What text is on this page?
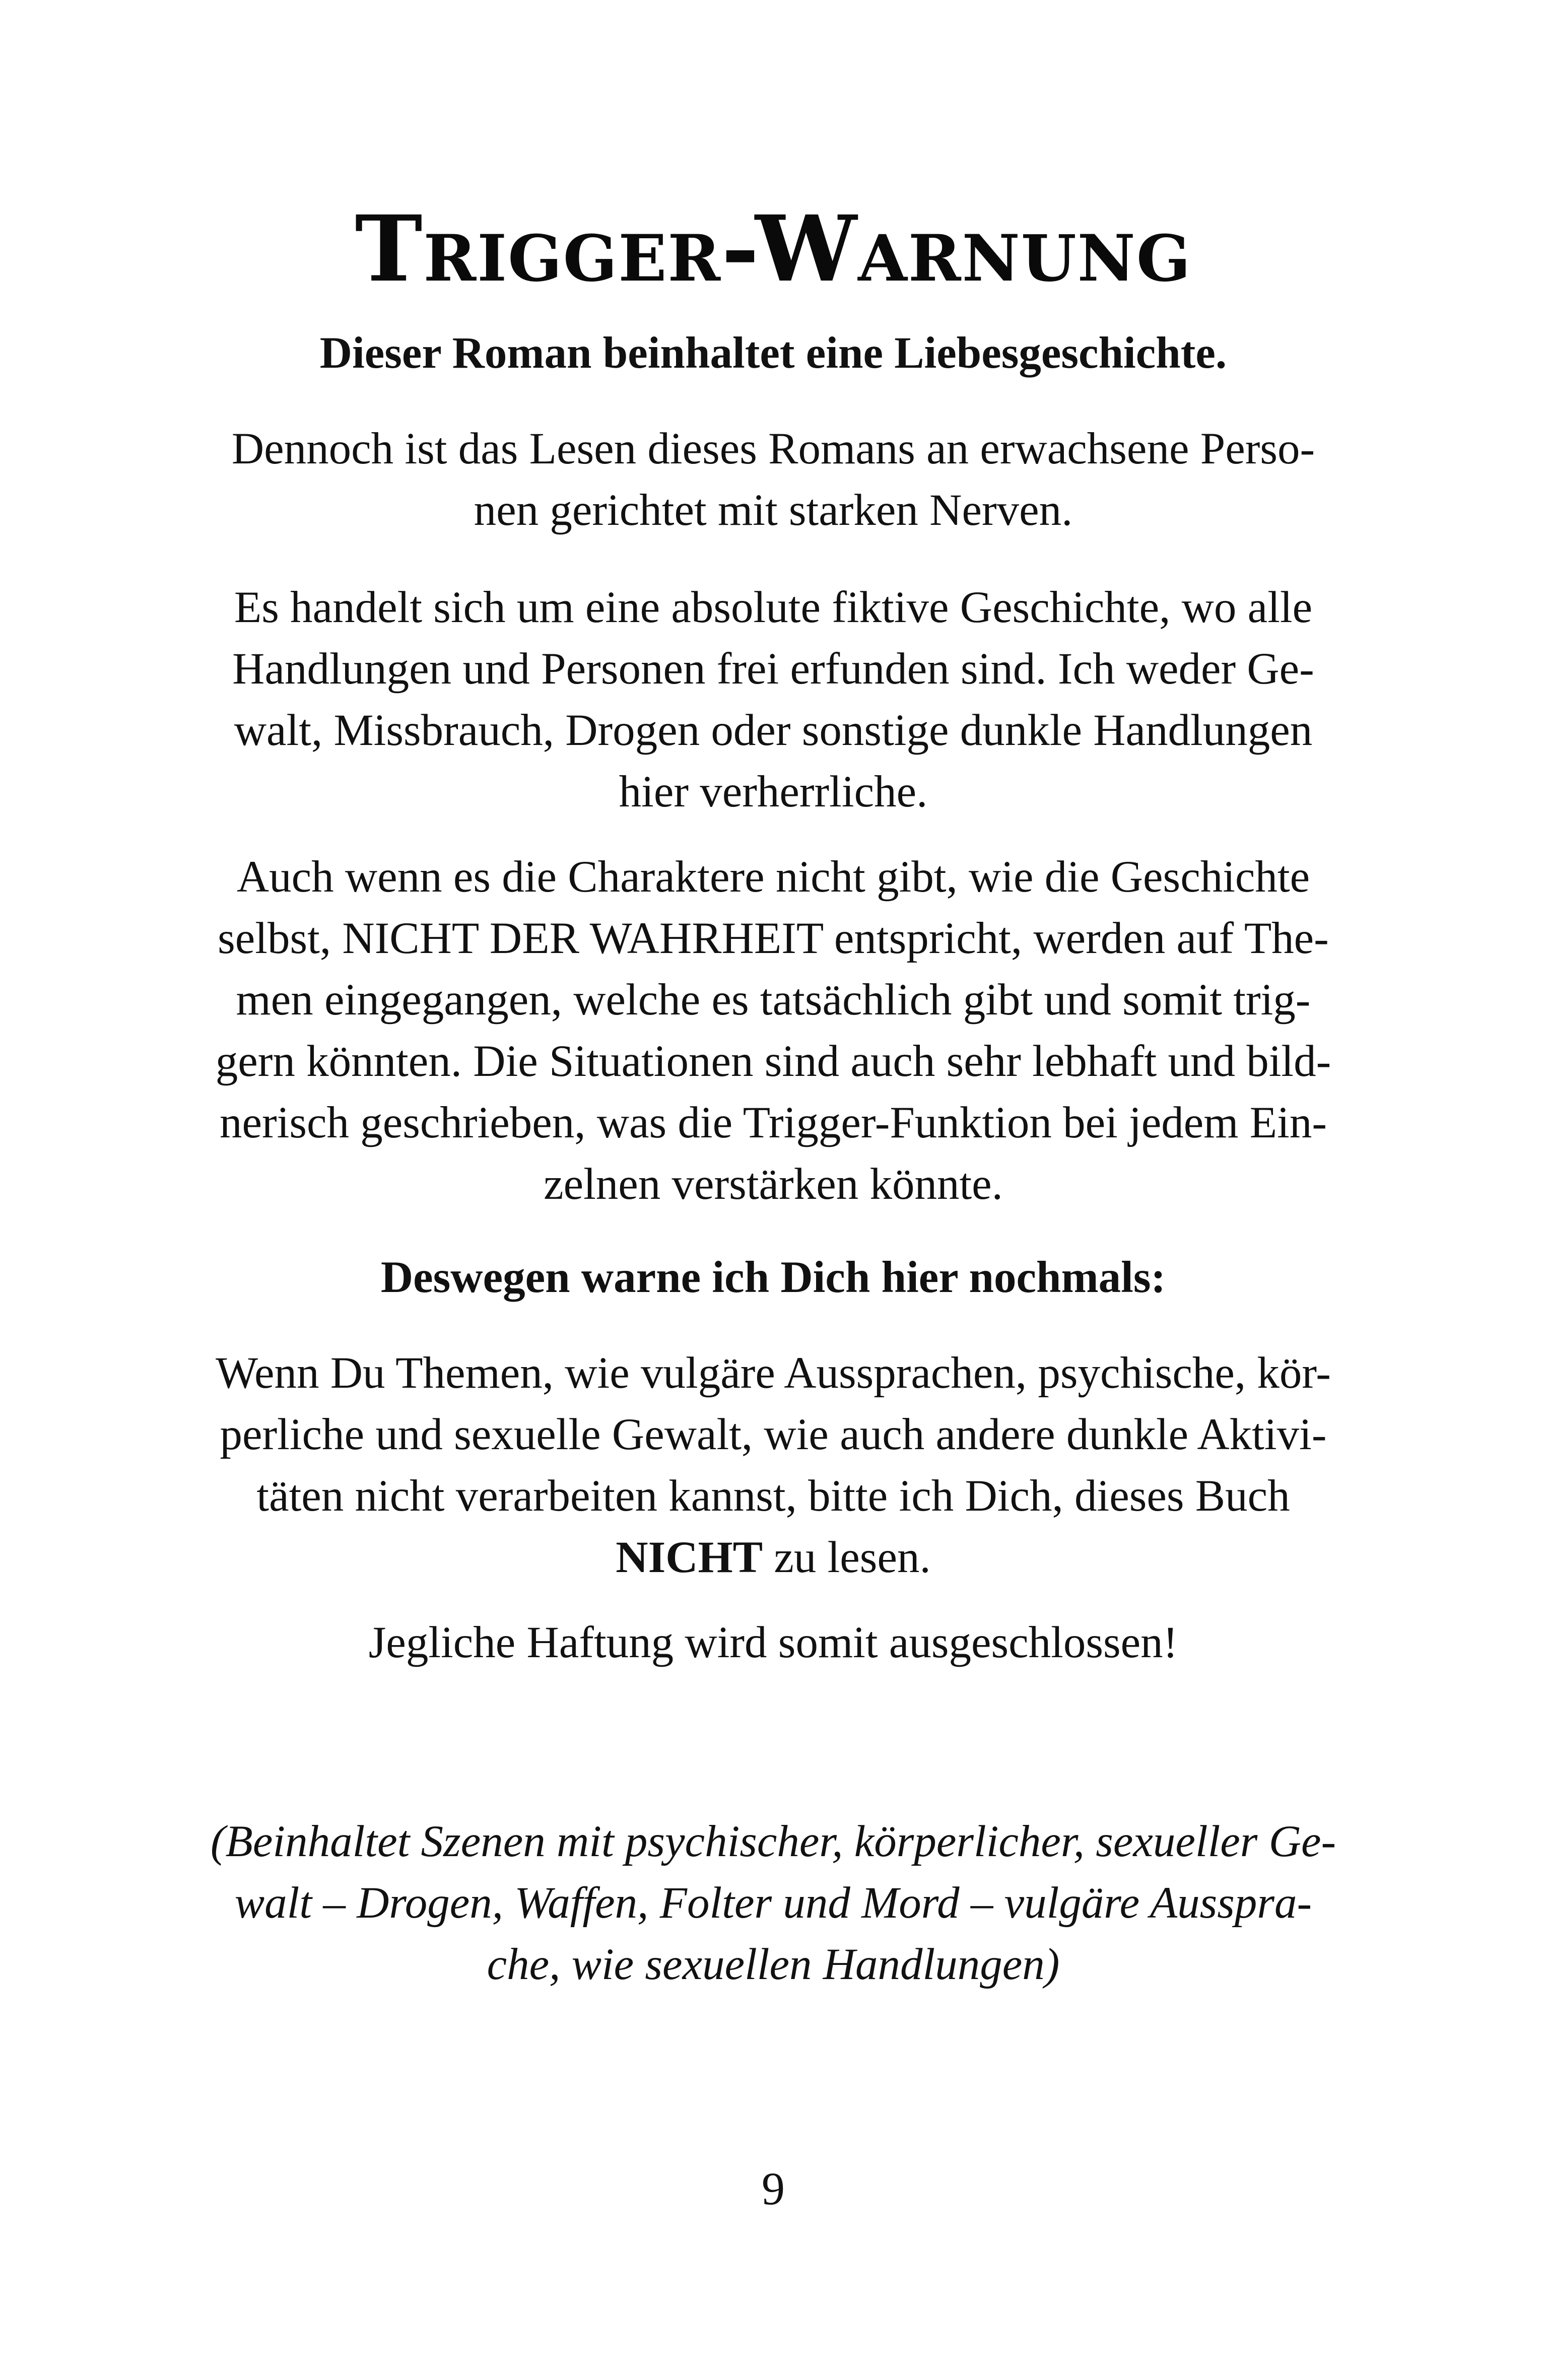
Trigger-Warnung

Dieser Roman beinhaltet eine Liebesgeschichte.

Dennoch ist das Lesen dieses Romans an erwachsene Perso-
nen gerichtet mit starken Nerven.

Es handelt sich um eine absolute fiktive Geschichte, wo alle
Handlungen und Personen frei erfunden sind. Ich weder Ge-
walt, Missbrauch, Drogen oder sonstige dunkle Handlungen
hier verherrliche.

Auch wenn es die Charaktere nicht gibt, wie die Geschichte
selbst, NICHT DER WAHRHEIT entspricht, werden auf The-
men eingegangen, welche es tatsächlich gibt und somit trig-
gern könnten. Die Situationen sind auch sehr lebhaft und bild-
nerisch geschrieben, was die Trigger-Funktion bei jedem Ein-
zelnen verstärken könnte.

Deswegen warne ich Dich hier nochmals:

Wenn Du Themen, wie vulgäre Aussprachen, psychische, kör-
perliche und sexuelle Gewalt, wie auch andere dunkle Aktivi-
täten nicht verarbeiten kannst, bitte ich Dich, dieses Buch
NICHT zu lesen.

Jegliche Haftung wird somit ausgeschlossen!

(Beinhaltet Szenen mit psychischer, körperlicher, sexueller Ge-
walt – Drogen, Waffen, Folter und Mord – vulgäre Ausspra-
che, wie sexuellen Handlungen)

9
